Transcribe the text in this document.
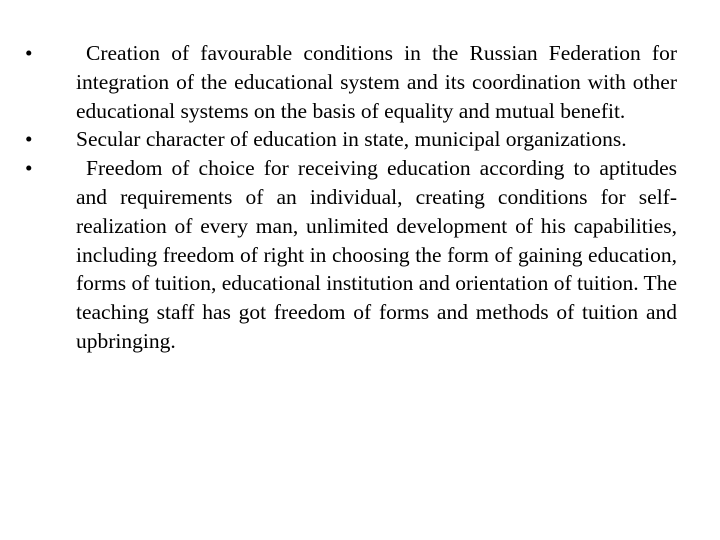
•	Creation of favourable conditions in the Russian Federation for integration of the educational system and its coordination with other educational systems on the basis of equality and mutual benefit.
•	Secular character of education in state, municipal organizations.
•	Freedom of choice for receiving education according to aptitudes and requirements of an individual, creating conditions for self-realization of every man, unlimited development of his capabilities, including freedom of right in choosing the form of gaining education, forms of tuition, educational institution and orientation of tuition. The teaching staff has got freedom of forms and methods of tuition and upbringing.
